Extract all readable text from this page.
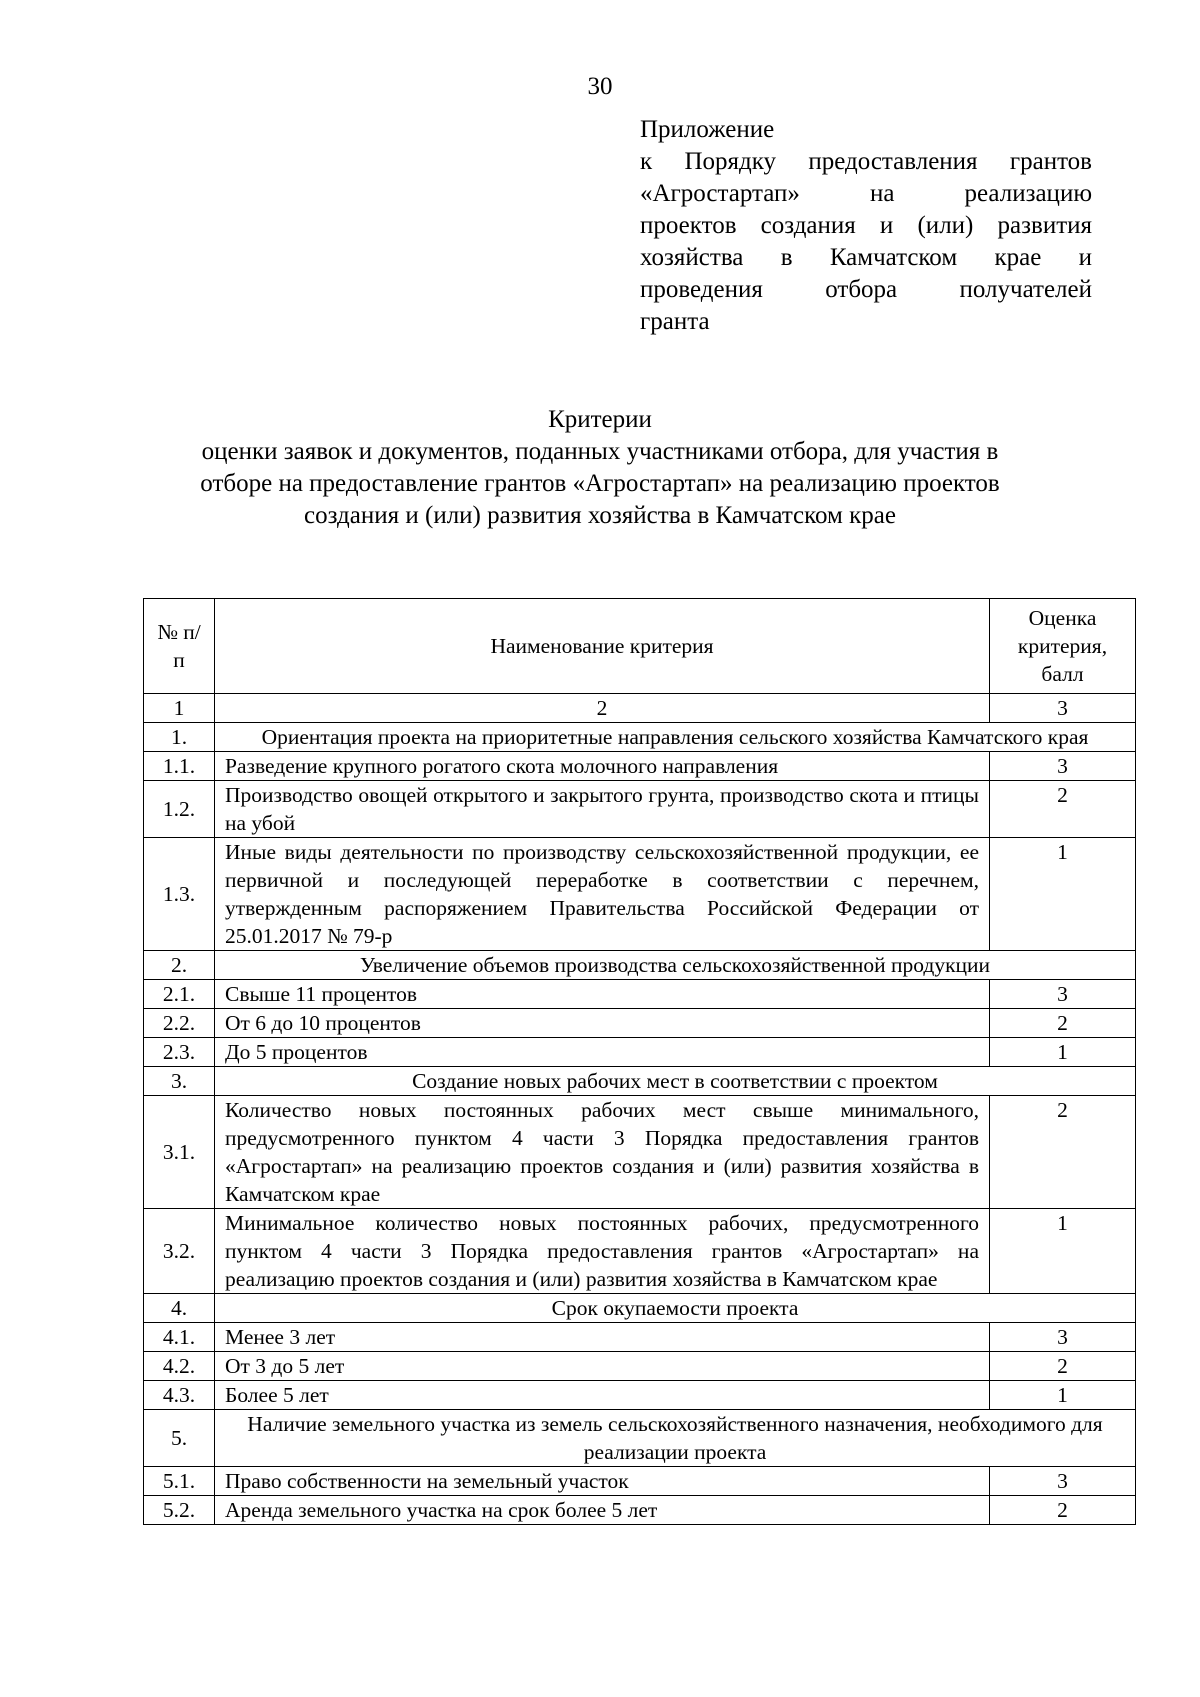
30
Приложение
к Порядку предоставления грантов
«Агростартап» на реализацию
проектов создания и (или) развития
хозяйства в Камчатском крае и
проведения отбора получателей
гранта
Критерии
оценки заявок и документов, поданных участниками отбора, для участия в
отборе на предоставление грантов «Агростартап» на реализацию проектов
создания и (или) развития хозяйства в Камчатском крае
№ п/п	Наименование критерия	Оценка критерия, балл
1	2	3
1.	Ориентация проекта на приоритетные направления сельского хозяйства Камчатского края	
1.1.	Разведение крупного рогатого скота молочного направления	3
1.2.	Производство овощей открытого и закрытого грунта, производство скота и птицы на убой	2
1.3.	Иные виды деятельности по производству сельскохозяйственной продукции, ее первичной и последующей переработке в соответствии с перечнем, утвержденным распоряжением Правительства Российской Федерации от 25.01.2017 № 79-р	1
2.	Увеличение объемов производства сельскохозяйственной продукции	
2.1.	Свыше 11 процентов	3
2.2.	От 6 до 10 процентов	2
2.3.	До 5 процентов	1
3.	Создание новых рабочих мест в соответствии с проектом	
3.1.	Количество новых постоянных рабочих мест свыше минимального, предусмотренного пунктом 4 части 3 Порядка предоставления грантов «Агростартап» на реализацию проектов создания и (или) развития хозяйства в Камчатском крае	2
3.2.	Минимальное количество новых постоянных рабочих, предусмотренного пунктом 4 части 3 Порядка предоставления грантов «Агростартап» на реализацию проектов создания и (или) развития хозяйства в Камчатском крае	1
4.	Срок окупаемости проекта	
4.1.	Менее 3 лет	3
4.2.	От 3 до 5 лет	2
4.3.	Более 5 лет	1
5.	Наличие земельного участка из земель сельскохозяйственного назначения, необходимого для реализации проекта	
5.1.	Право собственности на земельный участок	3
5.2.	Аренда земельного участка на срок более 5 лет	2
